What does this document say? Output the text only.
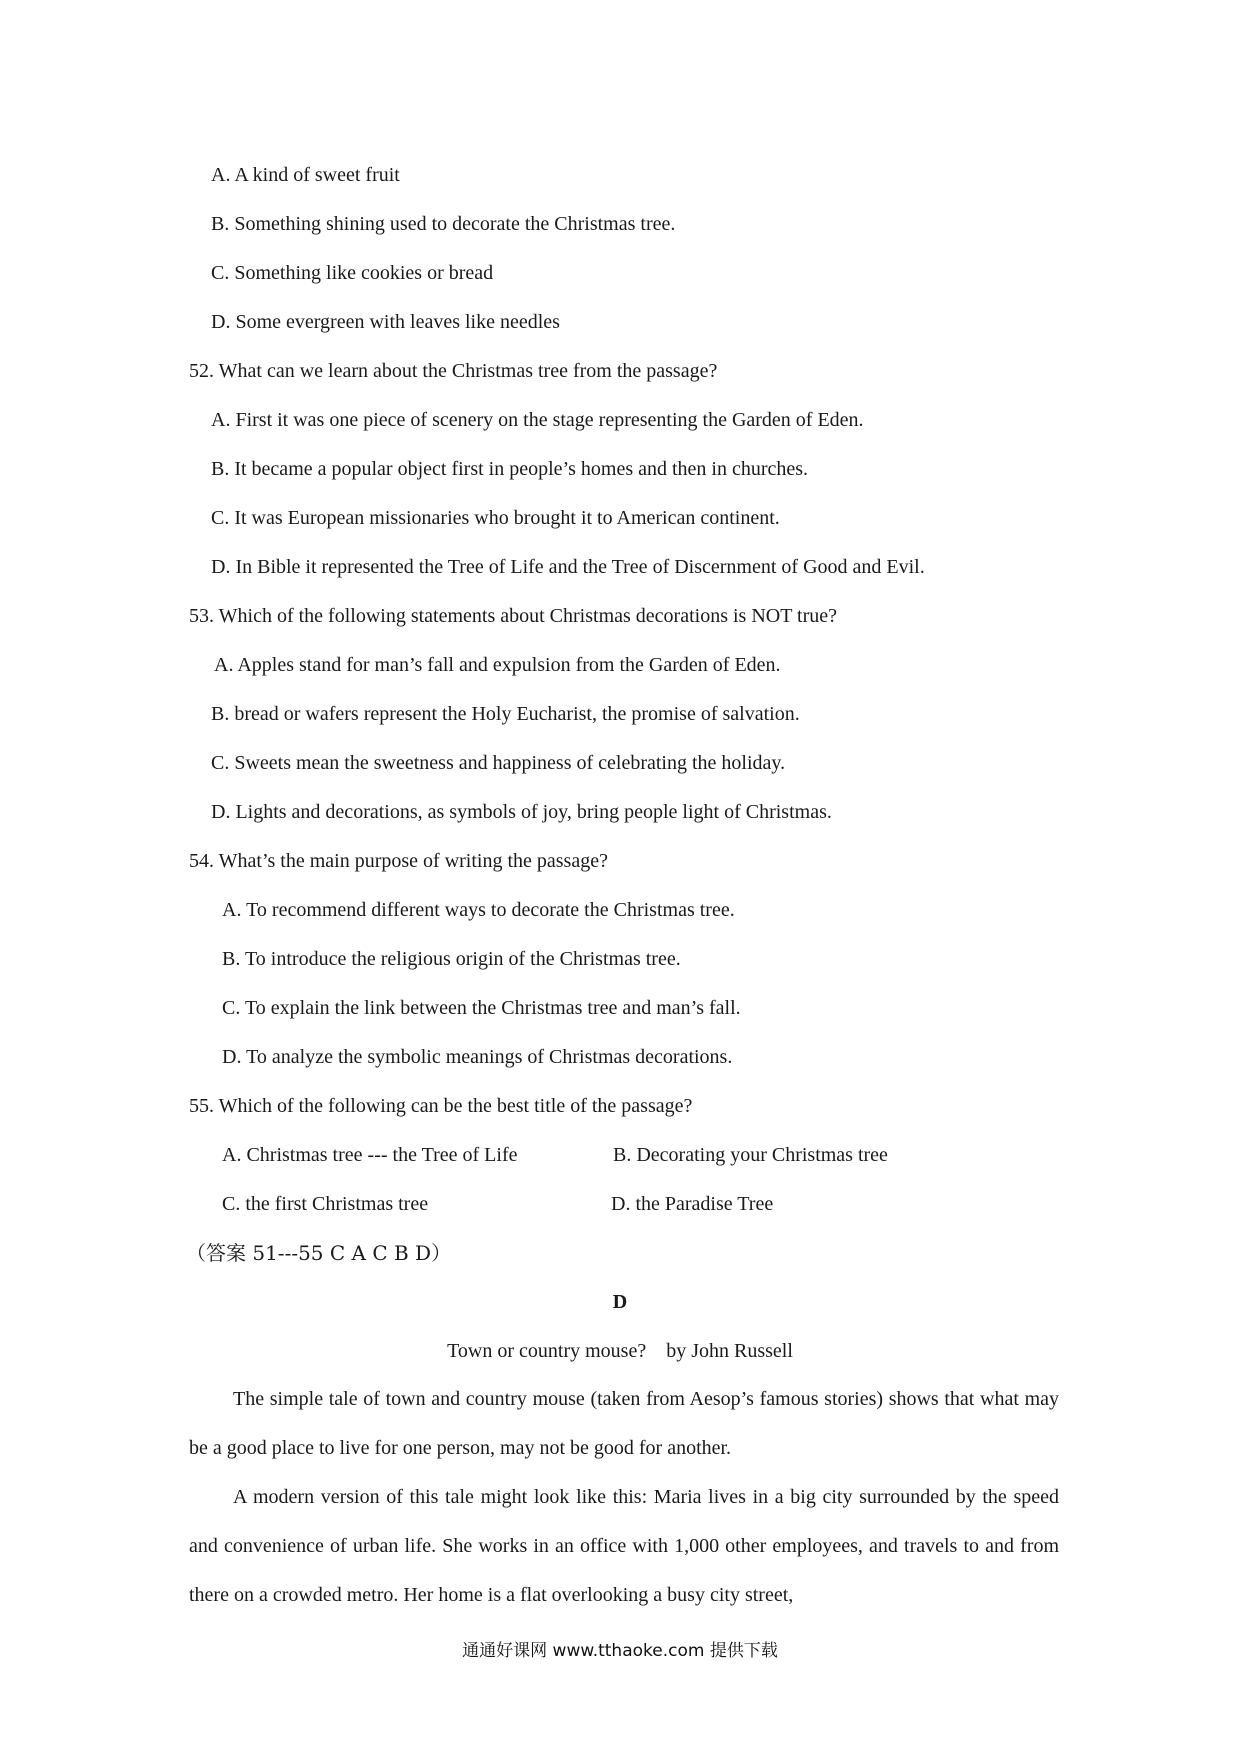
A. A kind of sweet fruit
B. Something shining used to decorate the Christmas tree.
C. Something like cookies or bread
D. Some evergreen with leaves like needles
52. What can we learn about the Christmas tree from the passage?
A. First it was one piece of scenery on the stage representing the Garden of Eden.
B. It became a popular object first in people’s homes and then in churches.
C. It was European missionaries who brought it to American continent.
D. In Bible it represented the Tree of Life and the Tree of Discernment of Good and Evil.
53. Which of the following statements about Christmas decorations is NOT true?
A. Apples stand for man’s fall and expulsion from the Garden of Eden.
B. bread or wafers represent the Holy Eucharist, the promise of salvation.
C. Sweets mean the sweetness and happiness of celebrating the holiday.
D. Lights and decorations, as symbols of joy, bring people light of Christmas.
54. What’s the main purpose of writing the passage?
A. To recommend different ways to decorate the Christmas tree.
B. To introduce the religious origin of the Christmas tree.
C. To explain the link between the Christmas tree and man’s fall.
D. To analyze the symbolic meanings of Christmas decorations.
55. Which of the following can be the best title of the passage?
A. Christmas tree --- the Tree of Life	B. Decorating your Christmas tree
C. the first Christmas tree	D. the Paradise Tree
（答案 51---55 C A C B D）
D
Town or country mouse?    by John Russell
The simple tale of town and country mouse (taken from Aesop’s famous stories) shows that what may be a good place to live for one person, may not be good for another.
A modern version of this tale might look like this: Maria lives in a big city surrounded by the speed and convenience of urban life. She works in an office with 1,000 other employees, and travels to and from there on a crowded metro. Her home is a flat overlooking a busy city street,
通通好课网 www.tthaoke.com 提供下载
